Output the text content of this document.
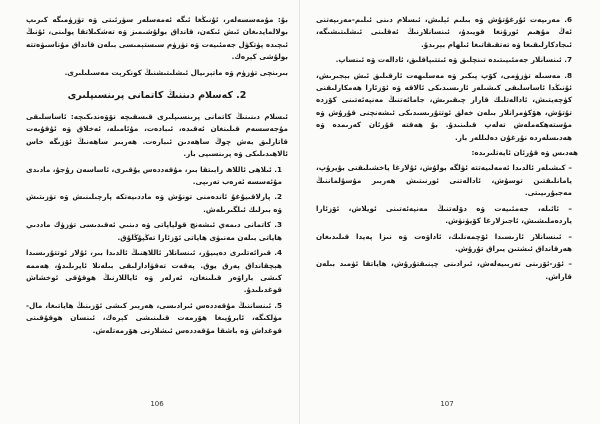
بۇ: مۇمەسسەلەر، ئۇنىڭغا ئىگە ئەمەسلەر سۈرئىتى ۋە تۈزۈمىگە كىرىپ بولالمايدىغان ئىش ئىكەن، قانداق بولۇشىمىز ۋە تەشكىلاتقا يولىنى، ئۇنىڭ ئىچىدە پۈتكۈل جەمئىيەت ۋە تۈزۈم سىستېمىسى بىلەن قانداق مۇناسىۋەتتە بولۇشى كېرەك.

بىرىنچى تۈزۈم ۋە ماتېرىيال ئىشلىتىشنىڭ كونكرېت مەسىلىلىرى.

2. كەسلام دىننىڭ كاتمانى پرىنسىپلىرى

ئىسلام دىنىنىڭ كاتمانى پرىنسىپلىرى قىسقىچە تۆۋەندىكىچە: ئاساسلىقى مۇجەسسەم قىلىنغان ئەقىدە، ئىبادەت، مۇئامىلە، ئەخلاق ۋە ئۇقۇبەت قاتارلىق بەش چوڭ ساھەدىن ئىبارەت. ھەربىر ساھەنىڭ ئۆزىگە خاس ئالاھىدىلىكى ۋە پرىنسىپى بار.

1. ئىلاھى ئاللاھ رابىتقا بىر، مۇقەددەس يۇقىرى، ئاساسەن رۇجۇ، مادىدى مۇئەسسە ئەرەب تەرىپى.

2. پارلاقىيۇغۇ ئاندەمنى تونۇش ۋە ماددىيەتكە پارچىلىنىش ۋە تۈزىتىش ۋە بىرلىك ئىلگىرىلەش.

3. كاتمانى دىمەي ئىشەنچ قولياپاتى ۋە دىنىي ئەقىدىسى تۈزۈك ماددىي ھاياتى بىلەن مەنىۋى ھاياتى ئۆزئارا تەڭپۇڭلۇق.

4. قىرائەتلىرى دەيىيۇر، ئىنسانلار ئاللاھنىڭ ئالدىدا بىر، ئۇلار ئوتتۇرىسىدا ھېچقانداق پەرق يوق. پەقەت تەقۋادارلىقى بىلەنلا ئايرىلىدۇ، ھەممە كىشى باراۋەر قىلىنغان، ئەرلەر ۋە ئاياللارنىڭ ھوقۇقى ئوخشاش قوغدىلىدۇ.

5. ئىنساننىڭ مۇقەددەس ئىرادىسى، ھەربىر كىشى ئۆزىنىڭ ھاياتىغا، مال-مۈلكىگە، ئابرۇيىغا ھۆرمەت قىلىنىشى كېرەك، ئىنسان ھوقۇقىنى قوغداش ۋە باشقا مۇقەددەس ئىشلارنى ھۆرمەتلەش.

106

6. مەرىپەت ئۇرغۇتۇش ۋە بىلىم ئېلىش، ئىسلام دىنى ئىلىم-مەرىپەتنى ئەڭ مۇھىم ئورۇنغا قويىدۇ، ئىنسانلارنىڭ ئەقلىنى ئىشلىتىشىگە، ئىجادكارلىقىغا ۋە تەتقىقاتىغا ئىلھام بېرىدۇ.

7. ئىنسانلار جەمئىيىتىدە تىنچلىق ۋە ئىتتىپاقلىق، ئادالەت ۋە ئىنساپ.

8. مەسىلە تۈزۈمى، كۆپ پىكىر ۋە مەسلىھەت ئارقىلىق ئىش بېجىرىش، ئۇنىڭدا ئاساسلىقى كىشىلەر ئارىسىدىكى ئالاقە ۋە ئۆزئارا ھەمكارلىقنى كۈچەيتىش، ئادالەتلىك قارار چىقىرىش، جامائەتنىڭ مەنپەئەتىنى كۆزدە تۇتۇش، ھۆكۈمرانلار بىلەن خەلق ئوتتۇرىسىدىكى ئىشەنچنى قۇرۇش ۋە مۇستەھكەملەش تەلەپ قىلىنىدۇ. بۇ ھەقتە قۇرئان كەرىمدە ۋە ھەدىسلەردە نۇرغۇن دەلىللەر بار.

ھەدىس ۋە قۇرئان ئايەتلىرىدە:

– كىشىلەر ئالدىدا ئەمەلىيەتتە ئۈلگە بولۇش، ئۇلارغا ياخشىلىقنى بۇيرۇپ، يامانلىقتىن توسۇش، ئادالەتنى ئورنىتىش ھەربىر مۇسۇلماننىڭ مەجبۇرىيىتى.

– ئائىلە، جەمئىيەت ۋە دۆلەتنىڭ مەنپەئەتىنى ئويلاش، ئۆزئارا ياردەملىشىش، ئاجىزلارغا كۆيۈنۈش.

– ئىنسانلار ئارىسىدا ئۆچمەنلىك، ئاداۋەت ۋە نىزا پەيدا قىلىدىغان ھەرقانداق ئىشتىن يىراق تۇرۇش.

– ئۆز-ئۆزىنى تەربىيەلەش، ئىرادىنى چېنىقتۇرۇش، ھاياتقا ئۈمىد بىلەن قاراش.

107
